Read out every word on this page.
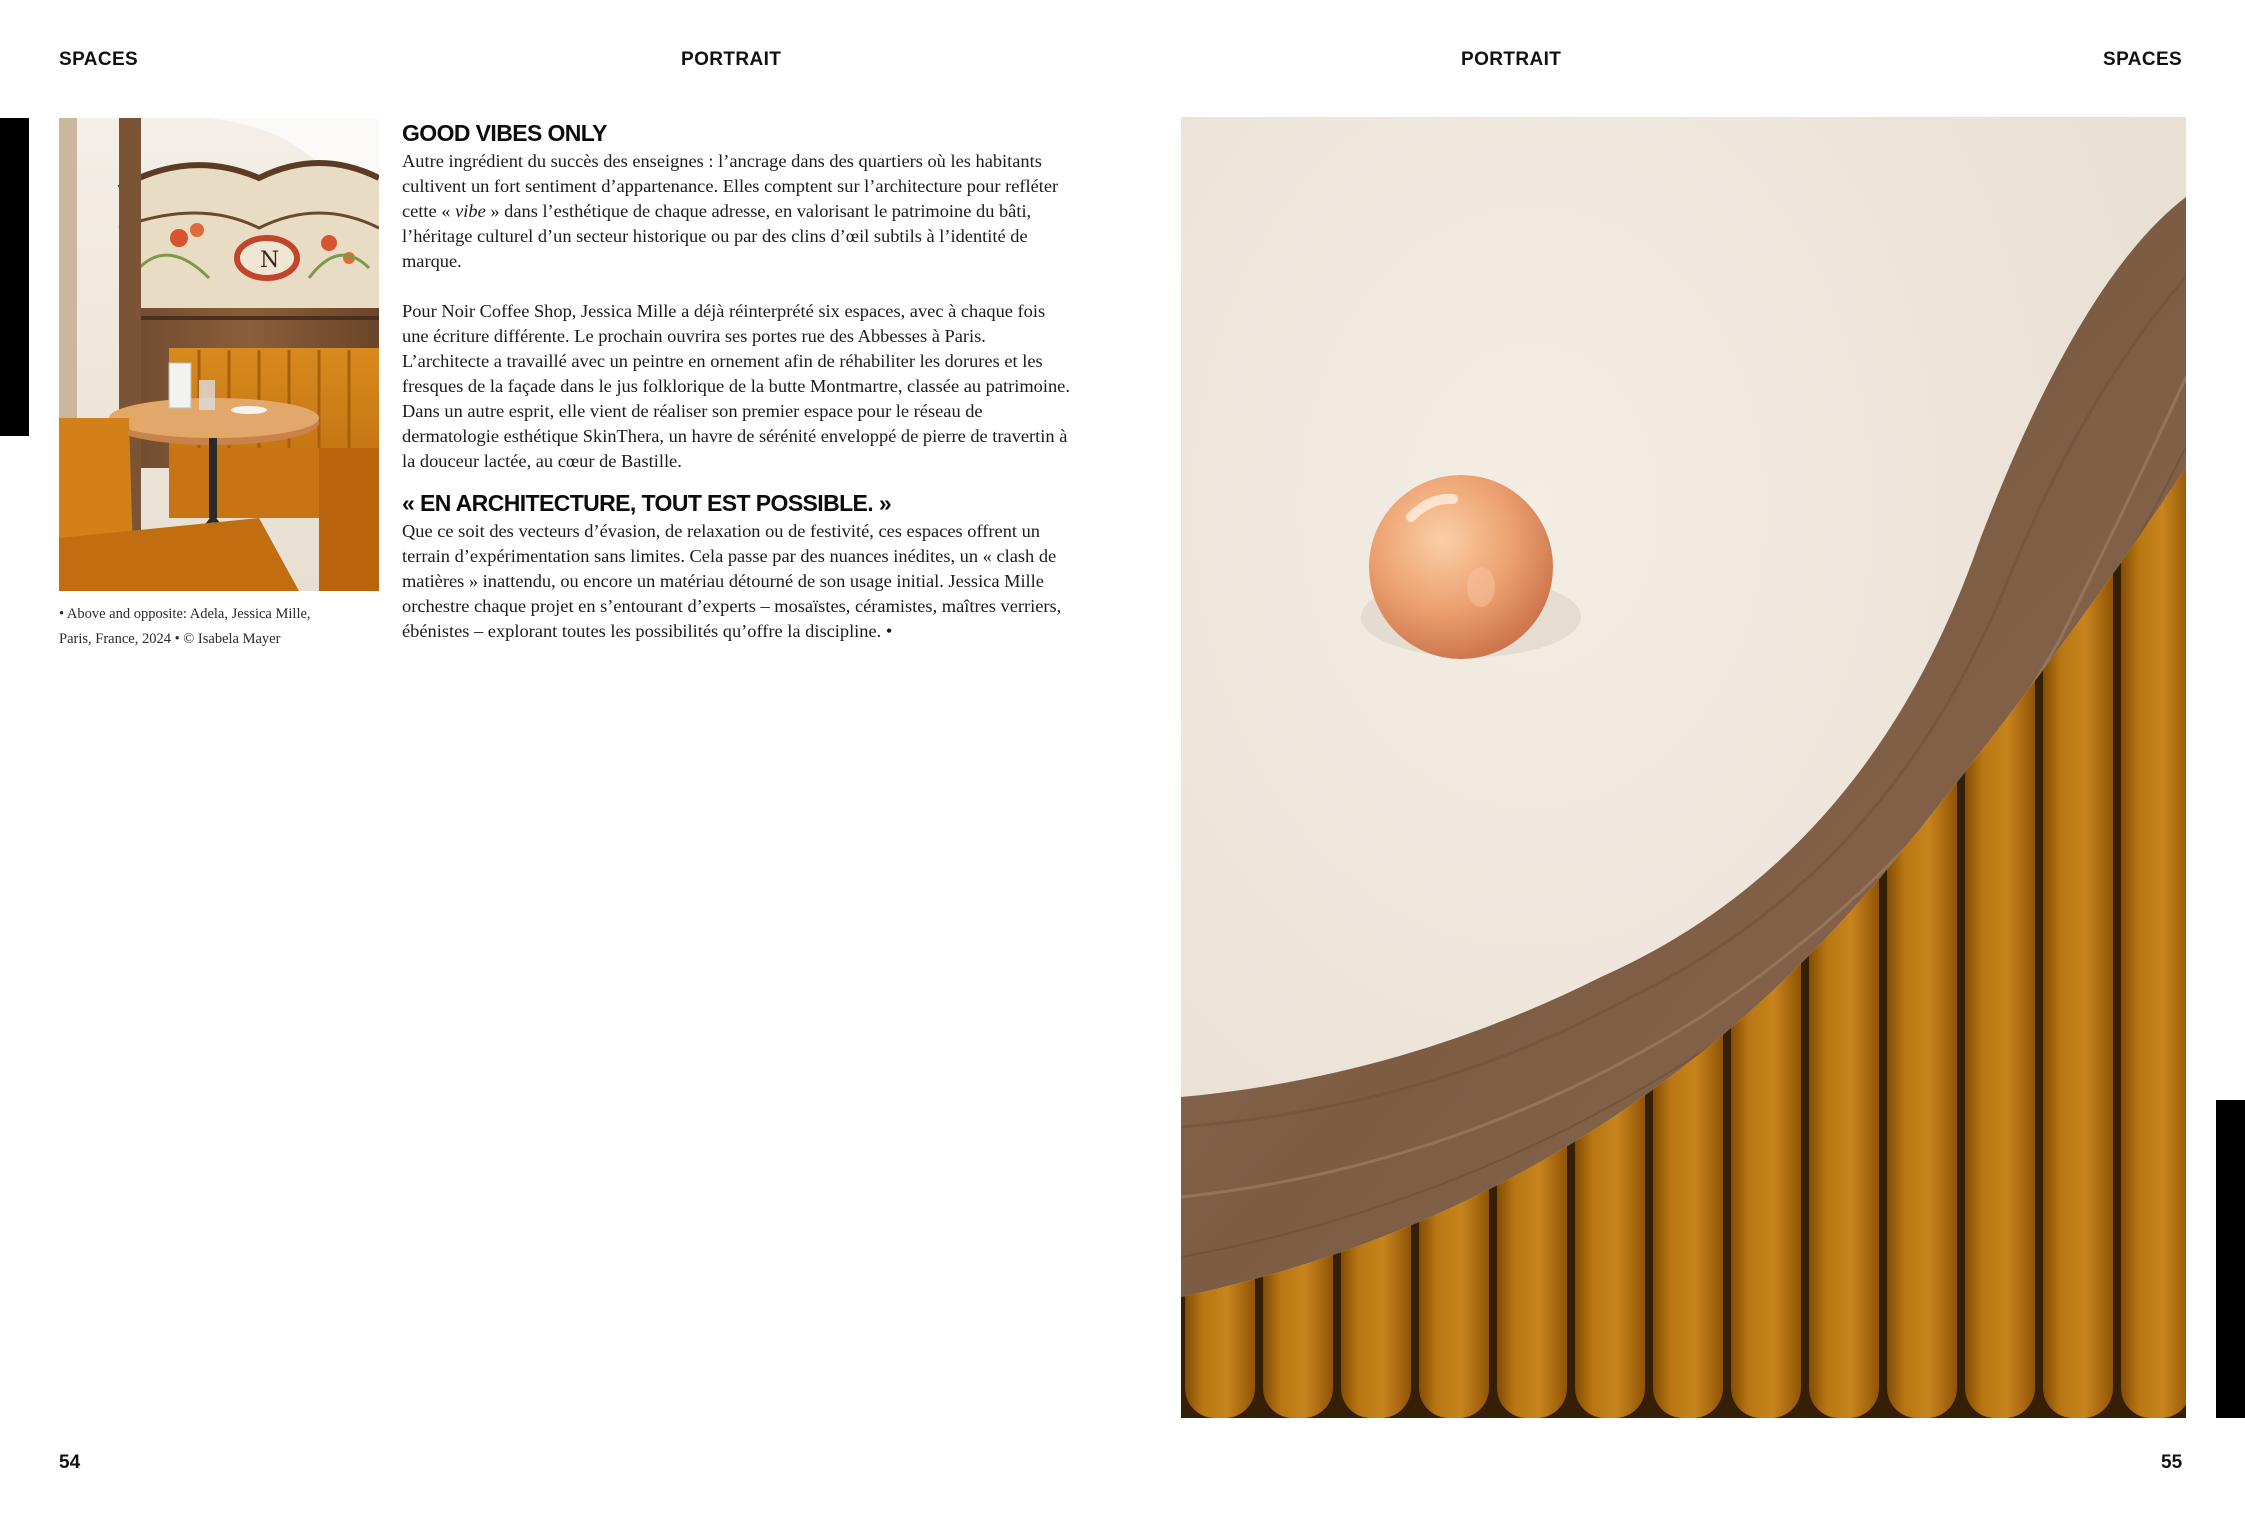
SPACES	PORTRAIT	PORTRAIT	SPACES
N
• Above and opposite: Adela, Jessica Mille,
Paris, France, 2024 • © Isabela Mayer
GOOD VIBES ONLY

Autre ingrédient du succès des enseignes : l’ancrage dans des quartiers où les habitants cultivent un fort sentiment d’appartenance. Elles comptent sur l’architecture pour refléter cette « vibe » dans l’esthétique de chaque adresse, en valorisant le patrimoine du bâti, l’héritage culturel d’un secteur historique ou par des clins d’œil subtils à l’identité de marque.

Pour Noir Coffee Shop, Jessica Mille a déjà réinterprété six espaces, avec à chaque fois une écriture différente. Le prochain ouvrira ses portes rue des Abbesses à Paris. L’architecte a travaillé avec un peintre en ornement afin de réhabiliter les dorures et les fresques de la façade dans le jus folklorique de la butte Montmartre, classée au patrimoine. Dans un autre esprit, elle vient de réaliser son premier espace pour le réseau de dermatologie esthétique SkinThera, un havre de sérénité enveloppé de pierre de travertin à la douceur lactée, au cœur de Bastille.

« EN ARCHITECTURE, TOUT EST POSSIBLE. »

Que ce soit des vecteurs d’évasion, de relaxation ou de festivité, ces espaces offrent un terrain d’expérimentation sans limites. Cela passe par des nuances inédites, un « clash de matières » inattendu, ou encore un matériau détourné de son usage initial. Jessica Mille orchestre chaque projet en s’entourant d’experts – mosaïstes, céramistes, maîtres verriers, ébénistes – explorant toutes les possibilités qu’offre la discipline. •

54	55
